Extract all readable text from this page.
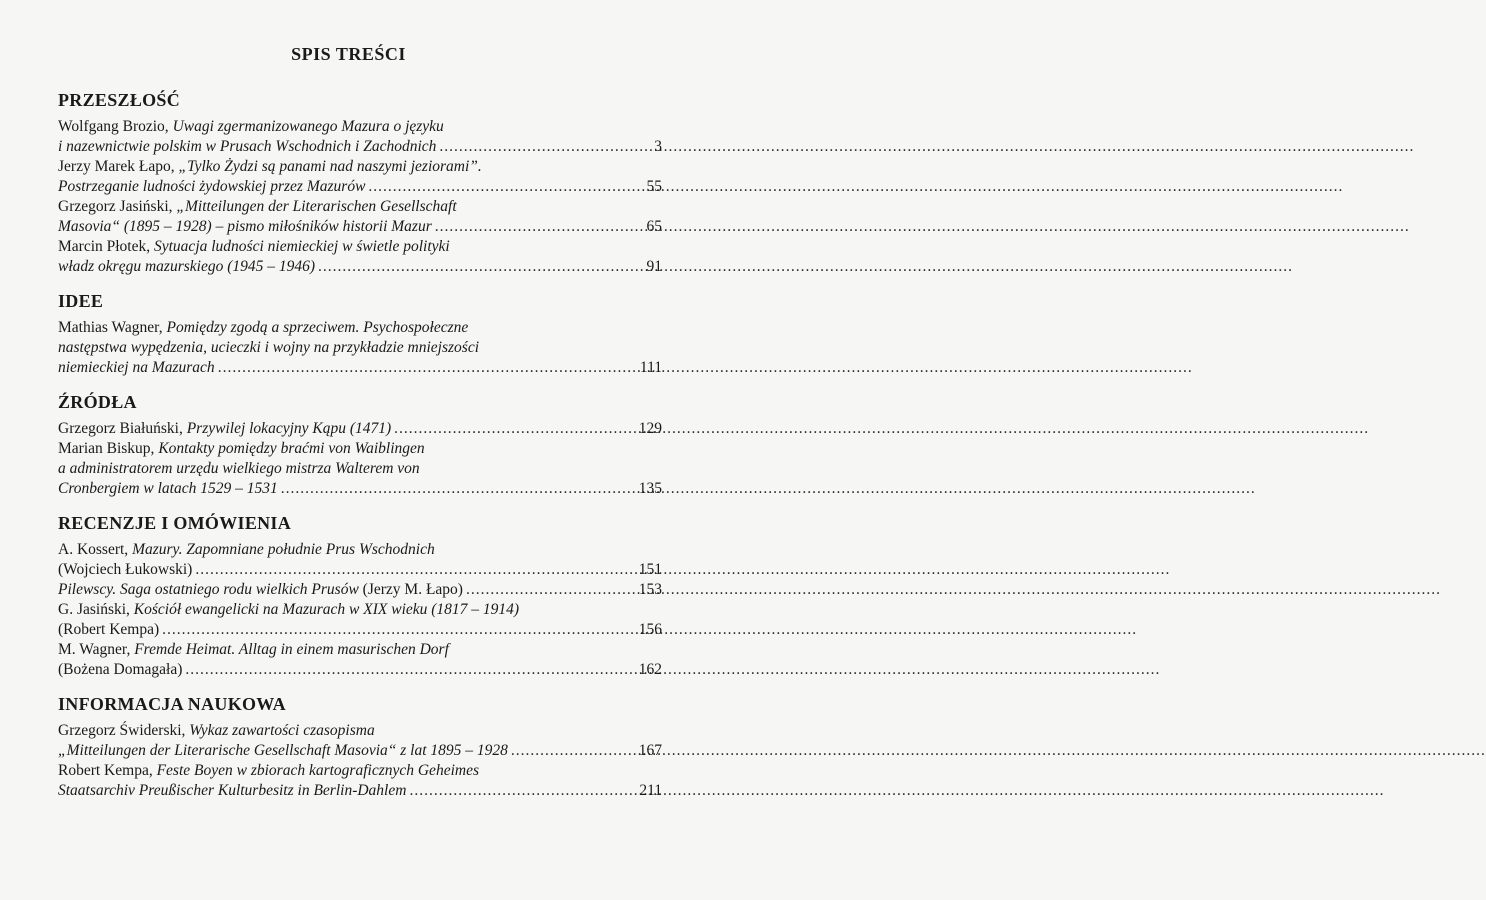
SPIS TREŚCI
PRZESZŁOŚĆ
Wolfgang Brozio, Uwagi zgermanizowanego Mazura o języku
i nazewnictwie polskim w Prusach Wschodnich i Zachodnich .....	3
Jerzy Marek Łapo, „Tylko Żydzi są panami nad naszymi jeziorami”.
Postrzeganie ludności żydowskiej przez Mazurów .....	55
Grzegorz Jasiński, „Mitteilungen der Literarischen Gesellschaft
Masovia“ (1895 – 1928) – pismo miłośników historii Mazur .....	65
Marcin Płotek, Sytuacja ludności niemieckiej w świetle polityki
władz okręgu mazurskiego (1945 – 1946) .....	91
IDEE
Mathias Wagner, Pomiędzy zgodą a sprzeciwem. Psychospołeczne
następstwa wypędzenia, ucieczki i wojny na przykładzie mniejszości
niemieckiej na Mazurach .....	111
ŹRÓDŁA
Grzegorz Białuński, Przywilej lokacyjny Kąpu (1471) .....	129
Marian Biskup, Kontakty pomiędzy braćmi von Waiblingen
a administratorem urzędu wielkiego mistrza Walterem von
Cronbergiem w latach 1529 – 1531 .....	135
RECENZJE I OMÓWIENIA
A. Kossert, Mazury. Zapomniane południe Prus Wschodnich
(Wojciech Łukowski) .....	151
Pilewscy. Saga ostatniego rodu wielkich Prusów (Jerzy M. Łapo) .....	153
G. Jasiński, Kościół ewangelicki na Mazurach w XIX wieku (1817 – 1914)
(Robert Kempa) .....	156
M. Wagner, Fremde Heimat. Alltag in einem masurischen Dorf
(Bożena Domagała) .....	162
INFORMACJA NAUKOWA
Grzegorz Świderski, Wykaz zawartości czasopisma
„Mitteilungen der Literarische Gesellschaft Masovia“ z lat 1895 – 1928 .....	167
Robert Kempa, Feste Boyen w zbiorach kartograficznych Geheimes
Staatsarchiv Preußischer Kulturbesitz in Berlin-Dahlem .....	211
